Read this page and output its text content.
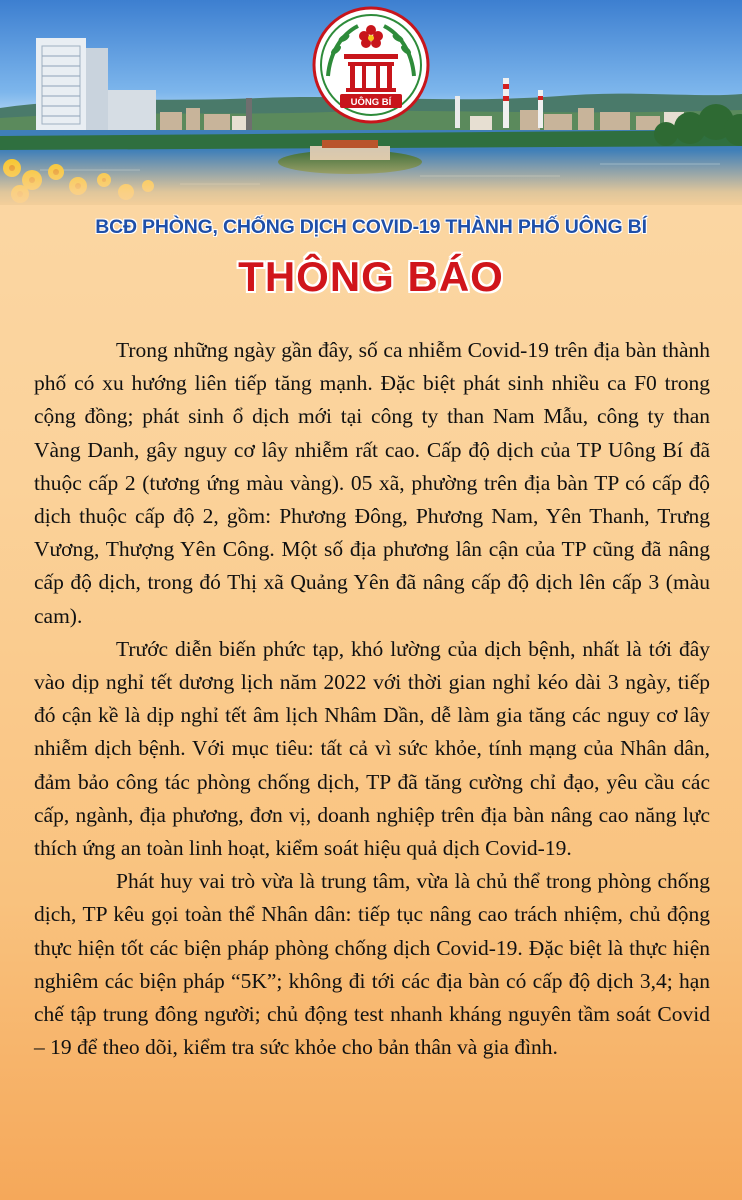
UÔNG BÍ
BCĐ PHÒNG, CHỐNG DỊCH COVID-19 THÀNH PHỐ UÔNG BÍ
THÔNG BÁO

Trong những ngày gần đây, số ca nhiễm Covid-19 trên địa bàn thành phố có xu hướng liên tiếp tăng mạnh. Đặc biệt phát sinh nhiều ca F0 trong cộng đồng; phát sinh ổ dịch mới tại công ty than Nam Mẫu, công ty than Vàng Danh, gây nguy cơ lây nhiễm rất cao. Cấp độ dịch của TP Uông Bí đã thuộc cấp 2 (tương ứng màu vàng). 05 xã, phường trên địa bàn TP có cấp độ dịch thuộc cấp độ 2, gồm: Phương Đông, Phương Nam, Yên Thanh, Trưng Vương, Thượng Yên Công. Một số địa phương lân cận của TP cũng đã nâng cấp độ dịch, trong đó Thị xã Quảng Yên đã nâng cấp độ dịch lên cấp 3 (màu cam).

Trước diễn biến phức tạp, khó lường của dịch bệnh, nhất là tới đây vào dịp nghỉ tết dương lịch năm 2022 với thời gian nghỉ kéo dài 3 ngày, tiếp đó cận kề là dịp nghỉ tết âm lịch Nhâm Dần, dễ làm gia tăng các nguy cơ lây nhiễm dịch bệnh. Với mục tiêu: tất cả vì sức khỏe, tính mạng của Nhân dân, đảm bảo công tác phòng chống dịch, TP đã tăng cường chỉ đạo, yêu cầu các cấp, ngành, địa phương, đơn vị, doanh nghiệp trên địa bàn nâng cao năng lực thích ứng an toàn linh hoạt, kiểm soát hiệu quả dịch Covid-19.

Phát huy vai trò vừa là trung tâm, vừa là chủ thể trong phòng chống dịch, TP kêu gọi toàn thể Nhân dân: tiếp tục nâng cao trách nhiệm, chủ động thực hiện tốt các biện pháp phòng chống dịch Covid-19. Đặc biệt là thực hiện nghiêm các biện pháp “5K”; không đi tới các địa bàn có cấp độ dịch 3,4; hạn chế tập trung đông người; chủ động test nhanh kháng nguyên tầm soát Covid – 19 để theo dõi, kiểm tra sức khỏe cho bản thân và gia đình.
